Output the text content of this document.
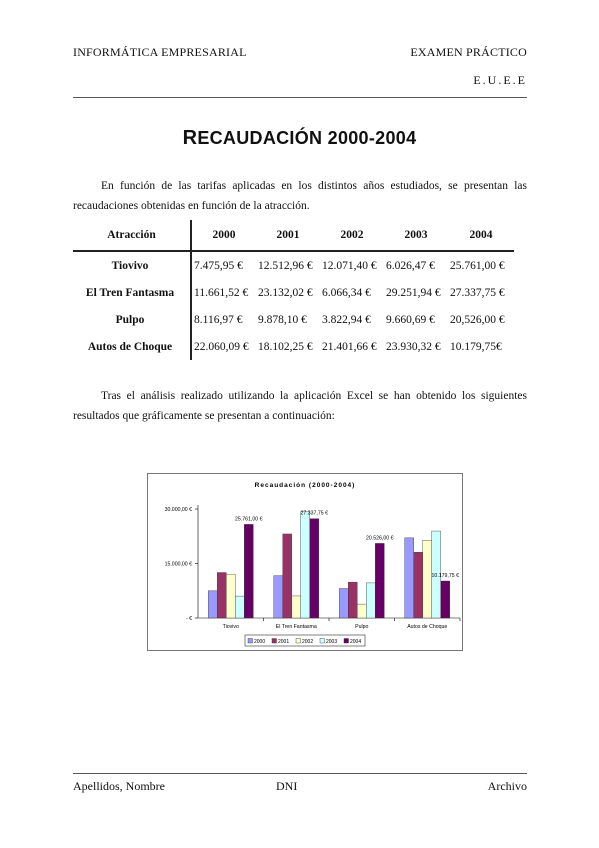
INFORMÁTICA EMPRESARIAL	EXAMEN PRÁCTICO
E.U.E.E
RECAUDACIÓN 2000-2004
En función de las tarifas aplicadas en los distintos años estudiados, se presentan las recaudaciones obtenidas en función de la atracción.
Atracción	2000	2001	2002	2003	2004
Tiovivo	7.475,95 €	12.512,96 €	12.071,40 €	6.026,47 €	25.761,00 €
El Tren Fantasma	11.661,52 €	23.132,02 €	6.066,34 €	29.251,94 €	27.337,75 €
Pulpo	8.116,97 €	9.878,10 €	3.822,94 €	9.660,69 €	20,526,00 €
Autos de Choque	22.060,09 €	18.102,25 €	21.401,66 €	23.930,32 €	10.179,75€
Tras el análisis realizado utilizando la aplicación Excel se han obtenido los siguientes resultados que gráficamente se presentan a continuación:
Recaudación (2000-2004)
- €
15.000,00 €
30.000,00 €
Tiovivo	El Tren Fantasma	Pulpo	Autos de Choque
25.761,00 €
27.337,75 €
20.526,00 €
10.179,75 €
2000	2001	2002	2003	2004
Apellidos, Nombre	DNI	Archivo
